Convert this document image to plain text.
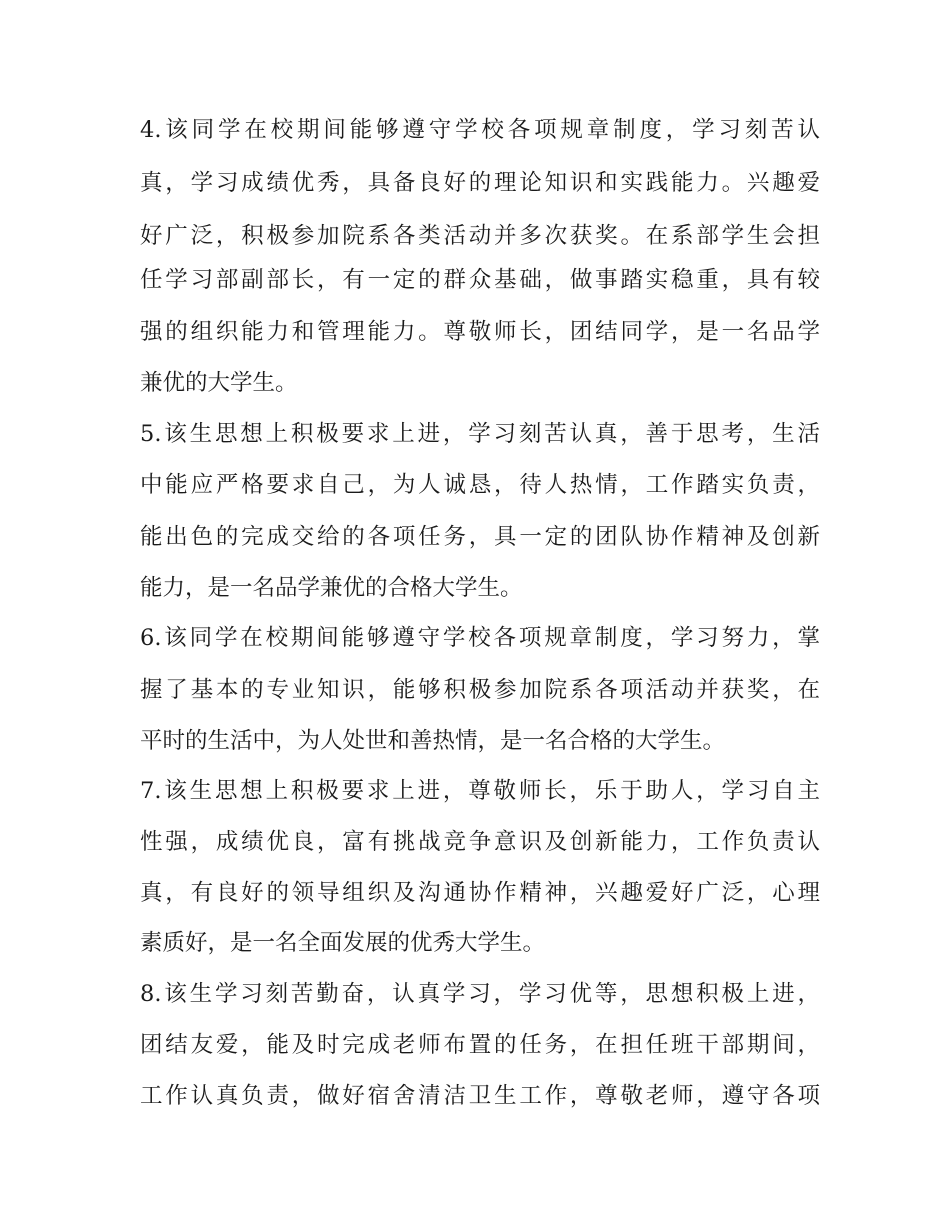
4.该同学在校期间能够遵守学校各项规章制度，学习刻苦认
真，学习成绩优秀，具备良好的理论知识和实践能力。兴趣爱
好广泛，积极参加院系各类活动并多次获奖。在系部学生会担
任学习部副部长，有一定的群众基础，做事踏实稳重，具有较
强的组织能力和管理能力。尊敬师长，团结同学，是一名品学
兼优的大学生。
5.该生思想上积极要求上进，学习刻苦认真，善于思考，生活
中能应严格要求自己，为人诚恳，待人热情，工作踏实负责，
能出色的完成交给的各项任务，具一定的团队协作精神及创新
能力，是一名品学兼优的合格大学生。
6.该同学在校期间能够遵守学校各项规章制度，学习努力，掌
握了基本的专业知识，能够积极参加院系各项活动并获奖，在
平时的生活中，为人处世和善热情，是一名合格的大学生。
7.该生思想上积极要求上进，尊敬师长，乐于助人，学习自主
性强，成绩优良，富有挑战竞争意识及创新能力，工作负责认
真，有良好的领导组织及沟通协作精神，兴趣爱好广泛，心理
素质好，是一名全面发展的优秀大学生。
8.该生学习刻苦勤奋，认真学习，学习优等，思想积极上进，
团结友爱，能及时完成老师布置的任务，在担任班干部期间，
工作认真负责，做好宿舍清洁卫生工作，尊敬老师，遵守各项
